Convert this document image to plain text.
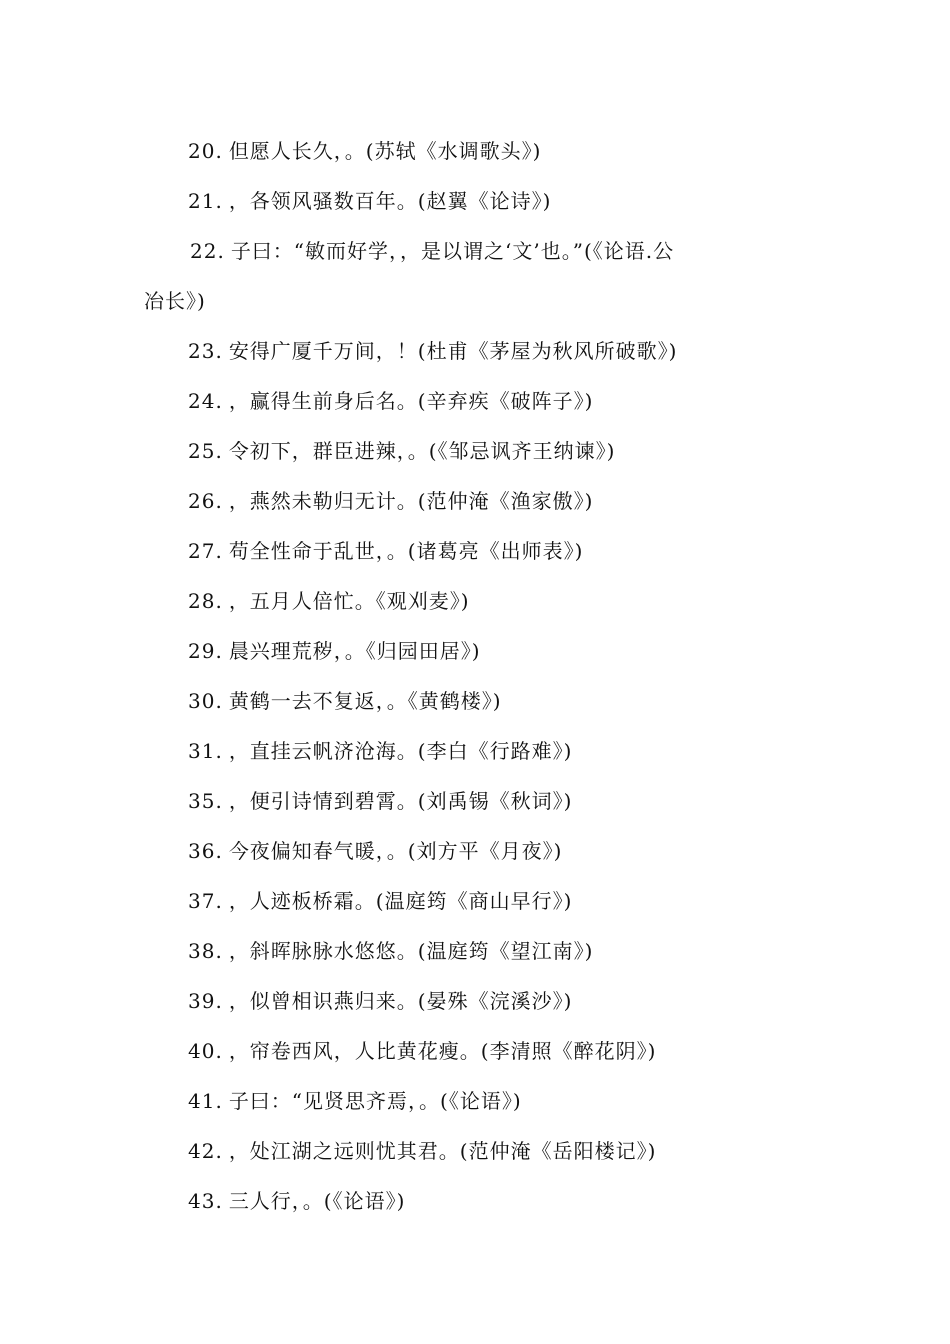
20. 但愿人长久，。(苏轼《水调歌头》)
21. ，各领风骚数百年。(赵翼《论诗》)
22. 子曰：“敏而好学，，是以谓之‘文’也。”(《论语.公
冶长》)
23. 安得广厦千万间，！(杜甫《茅屋为秋风所破歌》)
24. ，赢得生前身后名。(辛弃疾《破阵子》)
25. 令初下，群臣进辣，。(《邹忌讽齐王纳谏》)
26. ，燕然未勒归无计。(范仲淹《渔家傲》)
27. 苟全性命于乱世，。(诸葛亮《出师表》)
28. ，五月人倍忙。《观刈麦》)
29. 晨兴理荒秽，。《归园田居》)
30. 黄鹤一去不复返，。《黄鹤楼》)
31. ，直挂云帆济沧海。(李白《行路难》)
35. ，便引诗情到碧霄。(刘禹锡《秋词》)
36. 今夜偏知春气暖，。(刘方平《月夜》)
37. ，人迹板桥霜。(温庭筠《商山早行》)
38. ，斜晖脉脉水悠悠。(温庭筠《望江南》)
39. ，似曾相识燕归来。(晏殊《浣溪沙》)
40. ，帘卷西风，人比黄花瘦。(李清照《醉花阴》)
41. 子曰：“见贤思齐焉，。(《论语》)
42. ，处江湖之远则忧其君。(范仲淹《岳阳楼记》)
43. 三人行，。(《论语》)
